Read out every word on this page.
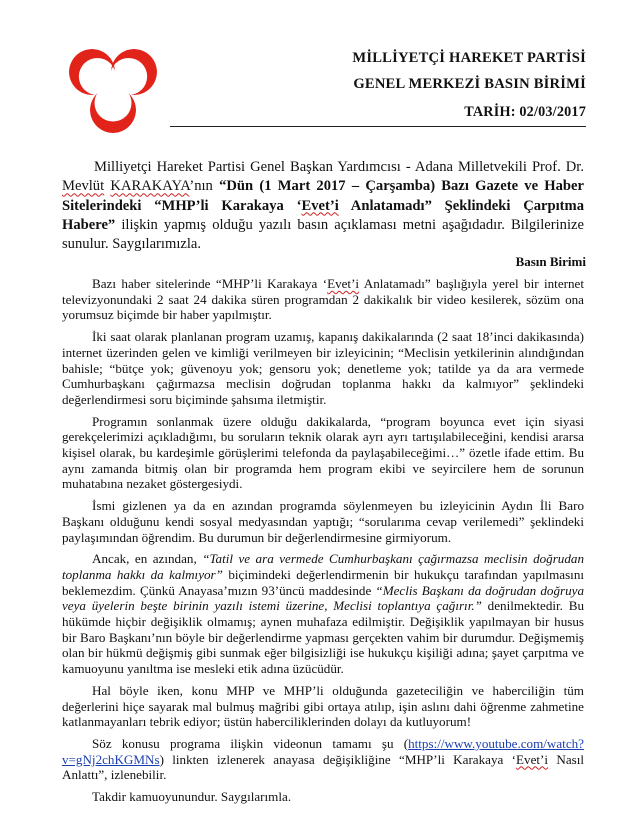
MİLLİYETÇİ HAREKET PARTİSİ
GENEL MERKEZİ BASIN BİRİMİ
TARİH: 02/03/2017
Milliyetçi Hareket Partisi Genel Başkan Yardımcısı - Adana Milletvekili Prof. Dr. Mevlüt KARAKAYA’nın “Dün (1 Mart 2017 – Çarşamba) Bazı Gazete ve Haber Sitelerindeki “MHP’li Karakaya ‘Evet’i Anlatamadı” Şeklindeki Çarpıtma Habere” ilişkin yapmış olduğu yazılı basın açıklaması metni aşağıdadır. Bilgilerinize sunulur. Saygılarımızla.
Basın Birimi

Bazı haber sitelerinde “MHP’li Karakaya ‘Evet’i Anlatamadı” başlığıyla yerel bir internet televizyonundaki 2 saat 24 dakika süren programdan 2 dakikalık bir video kesilerek, sözüm ona yorumsuz biçimde bir haber yapılmıştır.

İki saat olarak planlanan program uzamış, kapanış dakikalarında (2 saat 18’inci dakikasında) internet üzerinden gelen ve kimliği verilmeyen bir izleyicinin; “Meclisin yetkilerinin alındığından bahisle; “bütçe yok; güvenoyu yok; gensoru yok; denetleme yok; tatilde ya da ara vermede Cumhurbaşkanı çağırmazsa meclisin doğrudan toplanma hakkı da kalmıyor” şeklindeki değerlendirmesi soru biçiminde şahsıma iletmiştir.

Programın sonlanmak üzere olduğu dakikalarda, “program boyunca evet için siyasi gerekçelerimizi açıkladığımı, bu soruların teknik olarak ayrı ayrı tartışılabileceğini, kendisi ararsa kişisel olarak, bu kardeşimle görüşlerimi telefonda da paylaşabileceğimi…” özetle ifade ettim. Bu aynı zamanda bitmiş olan bir programda hem program ekibi ve seyircilere hem de sorunun muhatabına nezaket göstergesiydi.

İsmi gizlenen ya da en azından programda söylenmeyen bu izleyicinin Aydın İli Baro Başkanı olduğunu kendi sosyal medyasından yaptığı; “sorularıma cevap verilemedi” şeklindeki paylaşımından öğrendim. Bu durumun bir değerlendirmesine girmiyorum.

Ancak, en azından, “Tatil ve ara vermede Cumhurbaşkanı çağırmazsa meclisin doğrudan toplanma hakkı da kalmıyor” biçimindeki değerlendirmenin bir hukukçu tarafından yapılmasını beklemezdim. Çünkü Anayasa’mızın 93’üncü maddesinde “Meclis Başkanı da doğrudan doğruya veya üyelerin beşte birinin yazılı istemi üzerine, Meclisi toplantıya çağırır.” denilmektedir. Bu hükümde hiçbir değişiklik olmamış; aynen muhafaza edilmiştir. Değişiklik yapılmayan bir husus bir Baro Başkanı’nın böyle bir değerlendirme yapması gerçekten vahim bir durumdur. Değişmemiş olan bir hükmü değişmiş gibi sunmak eğer bilgisizliği ise hukukçu kişiliği adına; şayet çarpıtma ve kamuoyunu yanıltma ise mesleki etik adına üzücüdür.

Hal böyle iken, konu MHP ve MHP’li olduğunda gazeteciliğin ve haberciliğin tüm değerlerini hiçe sayarak mal bulmuş mağribi gibi ortaya atılıp, işin aslını dahi öğrenme zahmetine katlanmayanları tebrik ediyor; üstün haberciliklerinden dolayı da kutluyorum!

Söz konusu programa ilişkin videonun tamamı şu (https://www.youtube.com/watch?v=gNj2chKGMNs) linkten izlenerek anayasa değişikliğine “MHP’li Karakaya ‘Evet’i Nasıl Anlattı”, izlenebilir.

Takdir kamuoyunundur. Saygılarımla.
